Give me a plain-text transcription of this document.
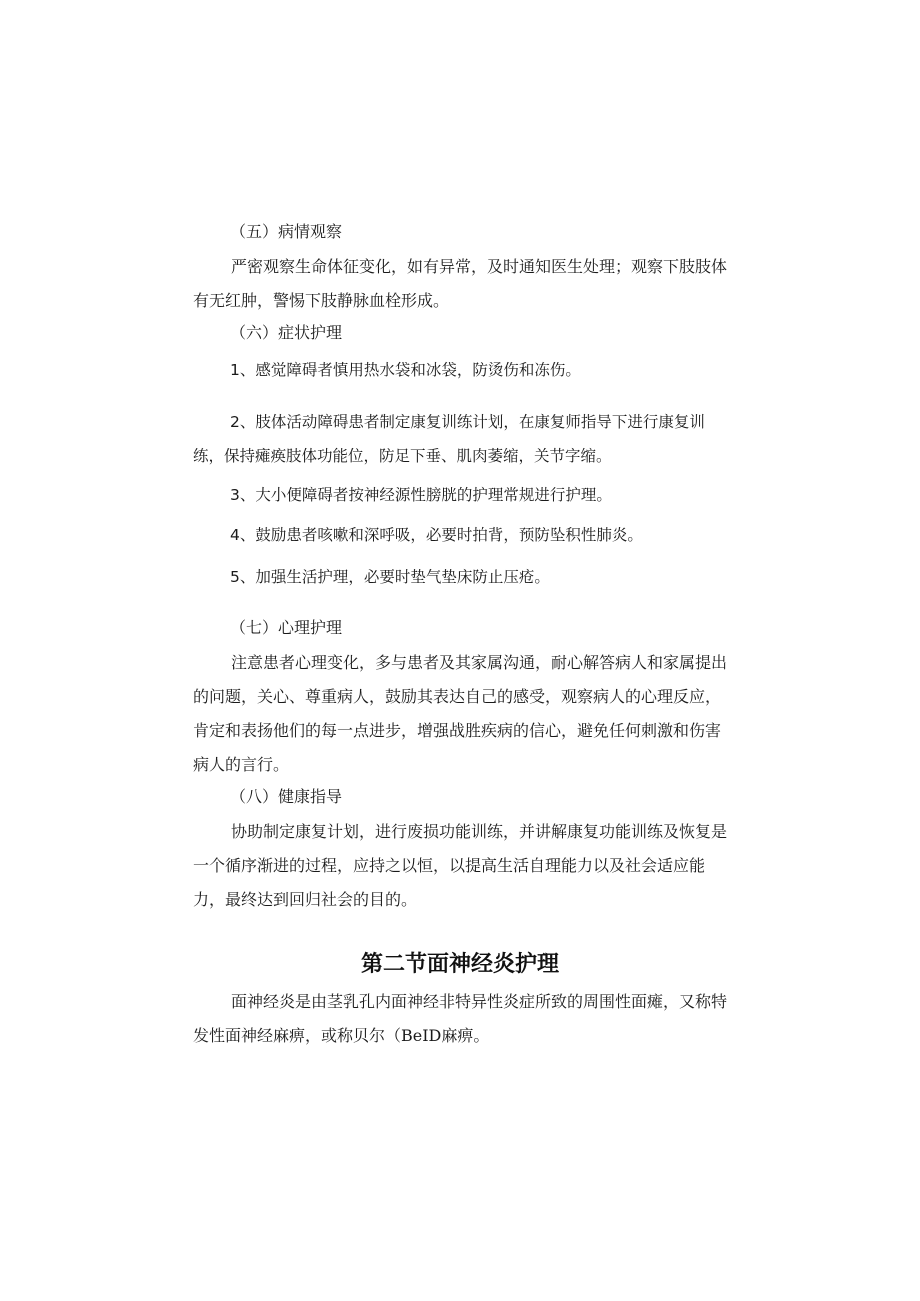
（五）病情观察

严密观察生命体征变化，如有异常，及时通知医生处理；观察下肢肢体有无红肿，警惕下肢静脉血栓形成。

（六）症状护理

1、感觉障碍者慎用热水袋和冰袋，防烫伤和冻伤。

2、肢体活动障碍患者制定康复训练计划，在康复师指导下进行康复训练，保持瘫痪肢体功能位，防足下垂、肌肉萎缩，关节字缩。

3、大小便障碍者按神经源性膀胱的护理常规进行护理。

4、鼓励患者咳嗽和深呼吸，必要时拍背，预防坠积性肺炎。

5、加强生活护理，必要时垫气垫床防止压疮。

（七）心理护理

注意患者心理变化，多与患者及其家属沟通，耐心解答病人和家属提出的问题，关心、尊重病人，鼓励其表达自己的感受，观察病人的心理反应，肯定和表扬他们的每一点进步，增强战胜疾病的信心，避免任何刺激和伤害病人的言行。

（八）健康指导

协助制定康复计划，进行废损功能训练，并讲解康复功能训练及恢复是一个循序渐进的过程，应持之以恒，以提高生活自理能力以及社会适应能力，最终达到回归社会的目的。

第二节面神经炎护理

面神经炎是由茎乳孔内面神经非特异性炎症所致的周围性面瘫，又称特发性面神经麻痹，或称贝尔（BeID麻痹。
